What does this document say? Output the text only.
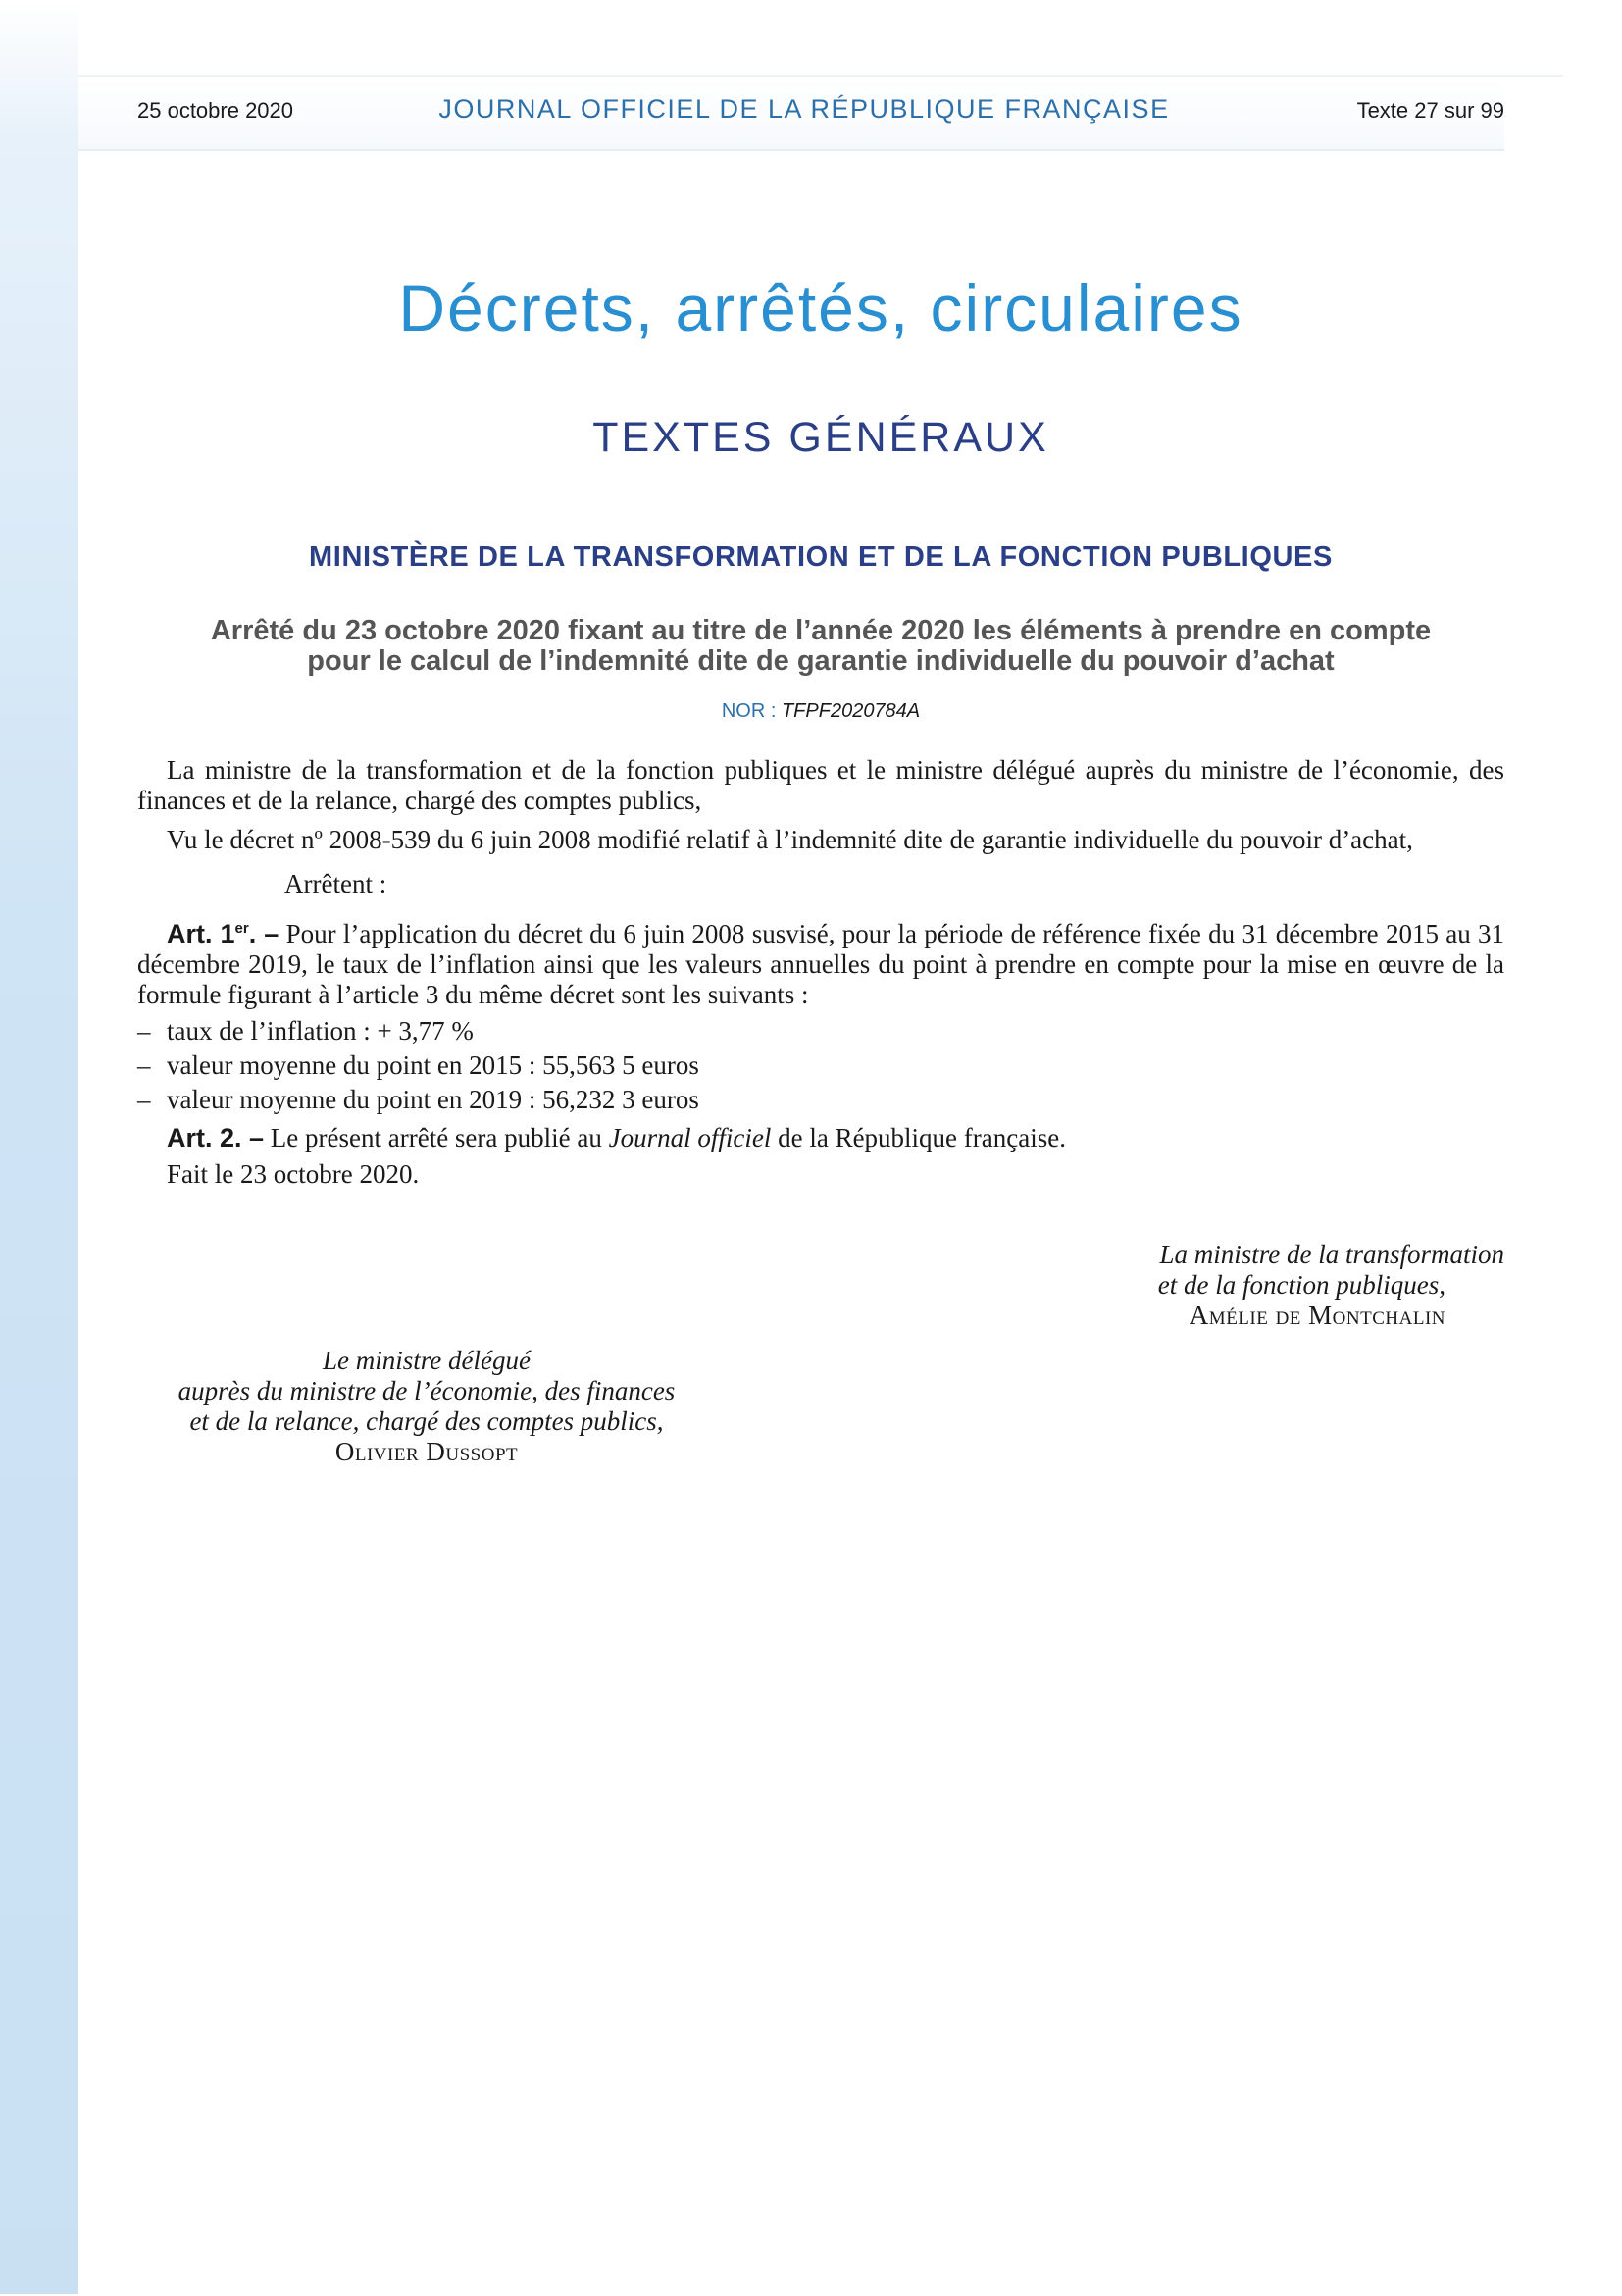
25 octobre 2020	JOURNAL OFFICIEL DE LA RÉPUBLIQUE FRANÇAISE	Texte 27 sur 99
Décrets, arrêtés, circulaires
TEXTES GÉNÉRAUX
MINISTÈRE DE LA TRANSFORMATION ET DE LA FONCTION PUBLIQUES
Arrêté du 23 octobre 2020 fixant au titre de l’année 2020 les éléments à prendre en compte
pour le calcul de l’indemnité dite de garantie individuelle du pouvoir d’achat
NOR : TFPF2020784A

La ministre de la transformation et de la fonction publiques et le ministre délégué auprès du ministre de l’économie, des finances et de la relance, chargé des comptes publics,

Vu le décret nº 2008-539 du 6 juin 2008 modifié relatif à l’indemnité dite de garantie individuelle du pouvoir d’achat,

Arrêtent :

Art. 1er. – Pour l’application du décret du 6 juin 2008 susvisé, pour la période de référence fixée du 31 décembre 2015 au 31 décembre 2019, le taux de l’inflation ainsi que les valeurs annuelles du point à prendre en compte pour la mise en œuvre de la formule figurant à l’article 3 du même décret sont les suivants :

– taux de l’inflation : + 3,77 %
– valeur moyenne du point en 2015 : 55,563 5 euros
– valeur moyenne du point en 2019 : 56,232 3 euros

Art. 2. – Le présent arrêté sera publié au Journal officiel de la République française.

Fait le 23 octobre 2020.

La ministre de la transformation
et de la fonction publiques,
Amélie de Montchalin
Le ministre délégué
auprès du ministre de l’économie, des finances
et de la relance, chargé des comptes publics,
Olivier Dussopt
